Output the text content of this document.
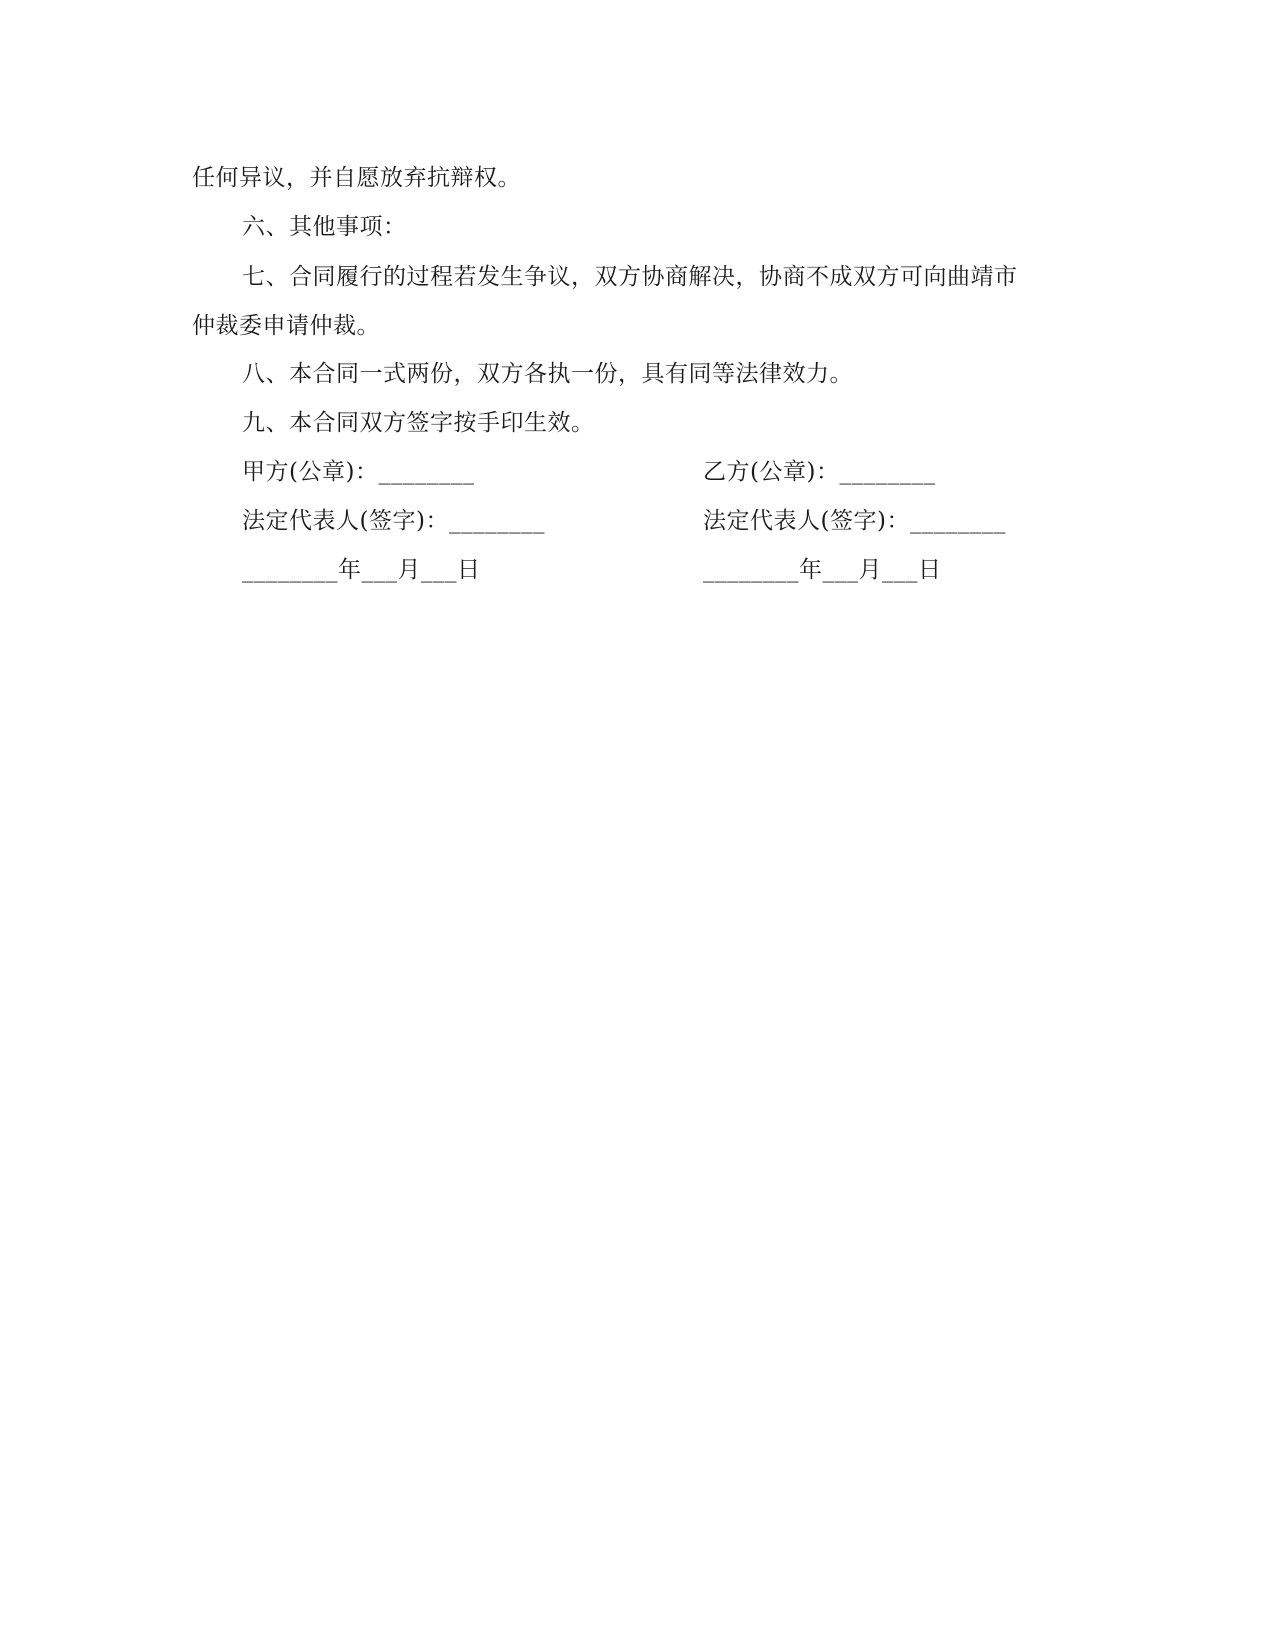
任何异议，并自愿放弃抗辩权。
六、其他事项：
七、合同履行的过程若发生争议，双方协商解决，协商不成双方可向曲靖市
仲裁委申请仲裁。
八、本合同一式两份，双方各执一份，具有同等法律效力。
九、本合同双方签字按手印生效。
甲方(公章)：________	乙方(公章)：________
法定代表人(签字)：________	法定代表人(签字)：________
________年___月___日	________年___月___日
